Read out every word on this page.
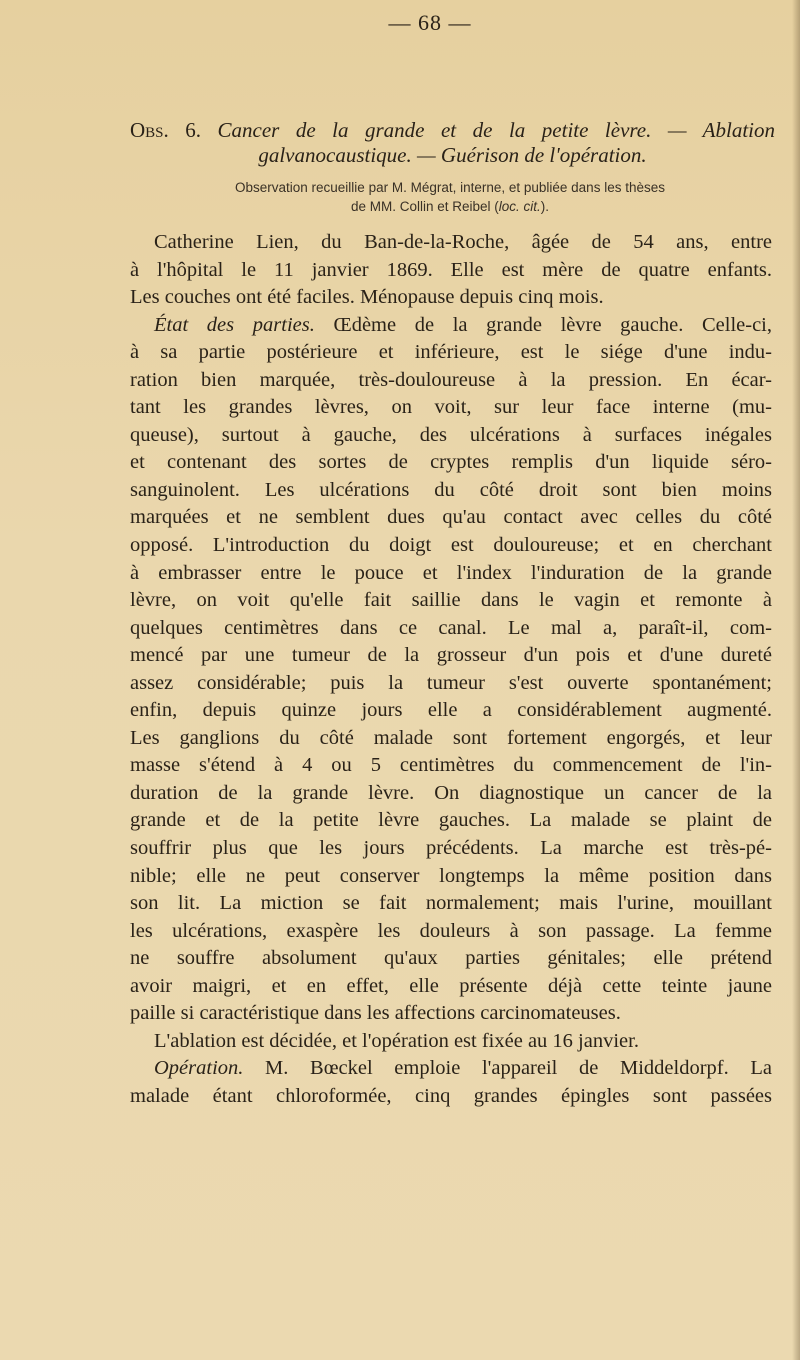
— 68 —
Obs. 6. Cancer de la grande et de la petite lèvre. — Ablation
galvanocaustique. — Guérison de l'opération.
Observation recueillie par M. Mégrat, interne, et publiée dans les thèses
de MM. Collin et Reibel (loc. cit.).
Catherine Lien, du Ban-de-la-Roche, âgée de 54 ans, entre
à l'hôpital le 11 janvier 1869. Elle est mère de quatre enfants.
Les couches ont été faciles. Ménopause depuis cinq mois.
État des parties. Œdème de la grande lèvre gauche. Celle-ci,
à sa partie postérieure et inférieure, est le siége d'une indu-
ration bien marquée, très-douloureuse à la pression. En écar-
tant les grandes lèvres, on voit, sur leur face interne (mu-
queuse), surtout à gauche, des ulcérations à surfaces inégales
et contenant des sortes de cryptes remplis d'un liquide séro-
sanguinolent. Les ulcérations du côté droit sont bien moins
marquées et ne semblent dues qu'au contact avec celles du côté
opposé. L'introduction du doigt est douloureuse; et en cherchant
à embrasser entre le pouce et l'index l'induration de la grande
lèvre, on voit qu'elle fait saillie dans le vagin et remonte à
quelques centimètres dans ce canal. Le mal a, paraît-il, com-
mencé par une tumeur de la grosseur d'un pois et d'une dureté
assez considérable; puis la tumeur s'est ouverte spontanément;
enfin, depuis quinze jours elle a considérablement augmenté.
Les ganglions du côté malade sont fortement engorgés, et leur
masse s'étend à 4 ou 5 centimètres du commencement de l'in-
duration de la grande lèvre. On diagnostique un cancer de la
grande et de la petite lèvre gauches. La malade se plaint de
souffrir plus que les jours précédents. La marche est très-pé-
nible; elle ne peut conserver longtemps la même position dans
son lit. La miction se fait normalement; mais l'urine, mouillant
les ulcérations, exaspère les douleurs à son passage. La femme
ne souffre absolument qu'aux parties génitales; elle prétend
avoir maigri, et en effet, elle présente déjà cette teinte jaune
paille si caractéristique dans les affections carcinomateuses.
L'ablation est décidée, et l'opération est fixée au 16 janvier.
Opération. M. Bœckel emploie l'appareil de Middeldorpf. La
malade étant chloroformée, cinq grandes épingles sont passées
